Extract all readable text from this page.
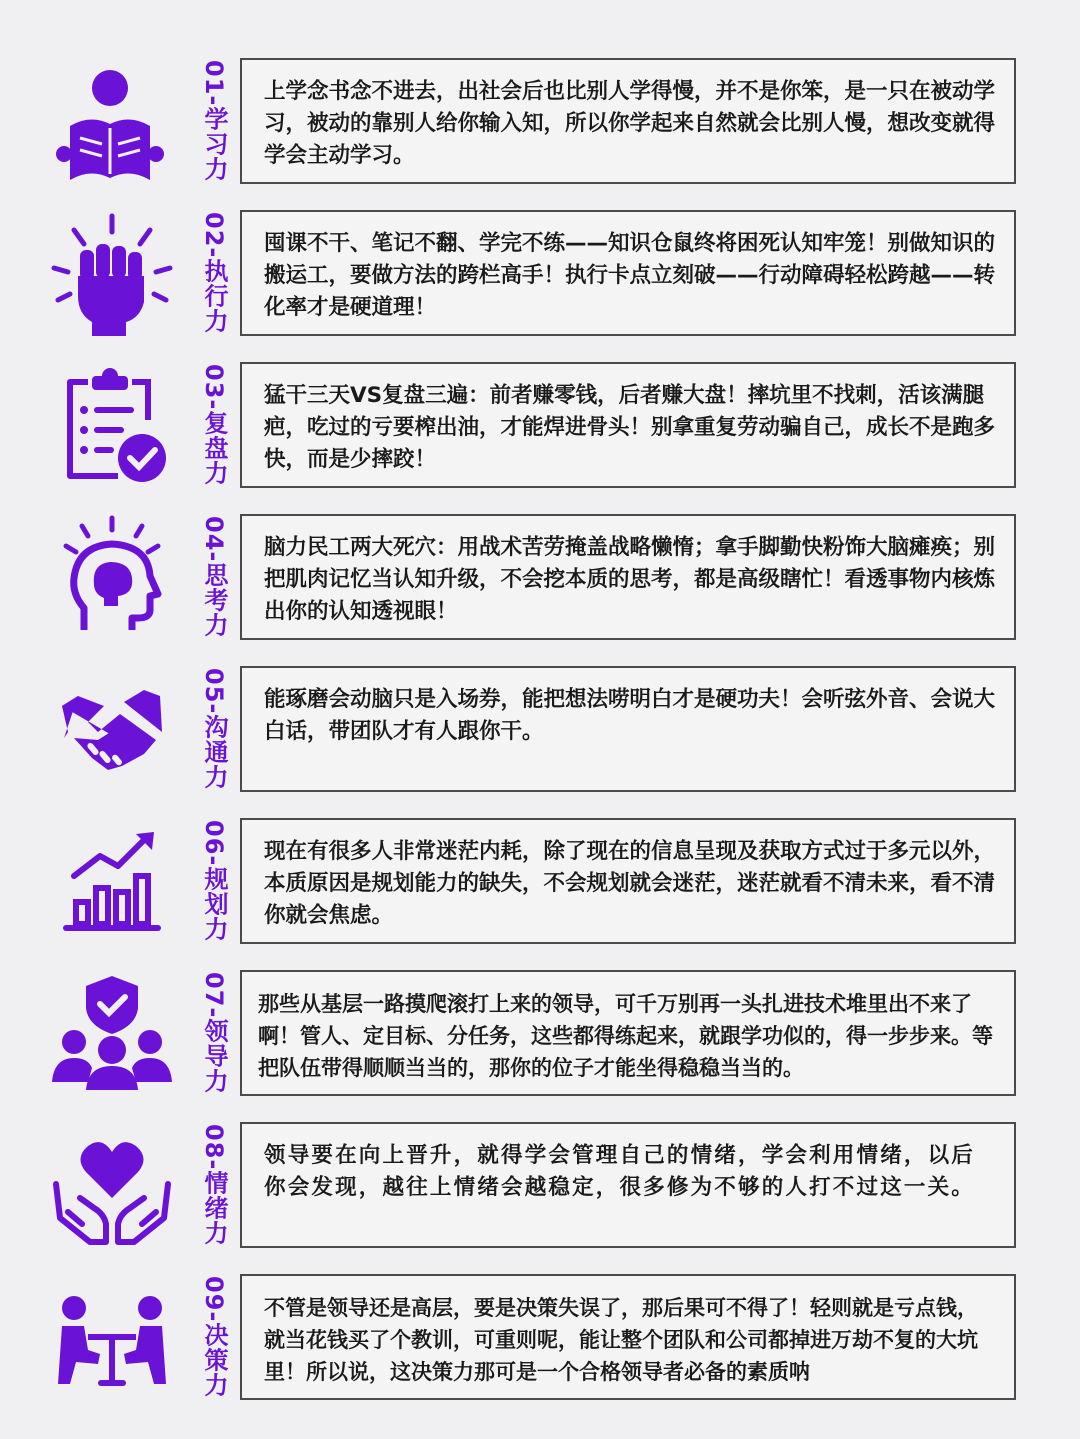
01-学习力	上学念书念不进去，出社会后也比别人学得慢，并不是你笨，是一只在被动学习，被动的靠别人给你输入知，所以你学起来自然就会比别人慢，想改变就得学会主动学习。
02-执行力	囤课不干、笔记不翻、学完不练——知识仓鼠终将困死认知牢笼！别做知识的搬运工，要做方法的跨栏高手！执行卡点立刻破——行动障碍轻松跨越——转化率才是硬道理！
03-复盘力	猛干三天VS复盘三遍：前者赚零钱，后者赚大盘！摔坑里不找刺，活该满腿疤，吃过的亏要榨出油，才能焊进骨头！别拿重复劳动骗自己，成长不是跑多快，而是少摔跤！
04-思考力	脑力民工两大死穴：用战术苦劳掩盖战略懒惰；拿手脚勤快粉饰大脑瘫痪；别把肌肉记忆当认知升级，不会挖本质的思考，都是高级瞎忙！看透事物内核炼出你的认知透视眼！
05-沟通力	能琢磨会动脑只是入场券，能把想法唠明白才是硬功夫！会听弦外音、会说大白话，带团队才有人跟你干。
06-规划力	现在有很多人非常迷茫内耗，除了现在的信息呈现及获取方式过于多元以外，本质原因是规划能力的缺失，不会规划就会迷茫，迷茫就看不清未来，看不清你就会焦虑。
07-领导力	那些从基层一路摸爬滚打上来的领导，可千万别再一头扎进技术堆里出不来了啊！管人、定目标、分任务，这些都得练起来，就跟学功似的，得一步步来。等把队伍带得顺顺当当的，那你的位子才能坐得稳稳当当的。
08-情绪力	领导要在向上晋升，就得学会管理自己的情绪，学会利用情绪，以后你会发现，越往上情绪会越稳定，很多修为不够的人打不过这一关。
09-决策力	不管是领导还是高层，要是决策失误了，那后果可不得了！轻则就是亏点钱，就当花钱买了个教训，可重则呢，能让整个团队和公司都掉进万劫不复的大坑里！所以说，这决策力那可是一个合格领导者必备的素质呐
